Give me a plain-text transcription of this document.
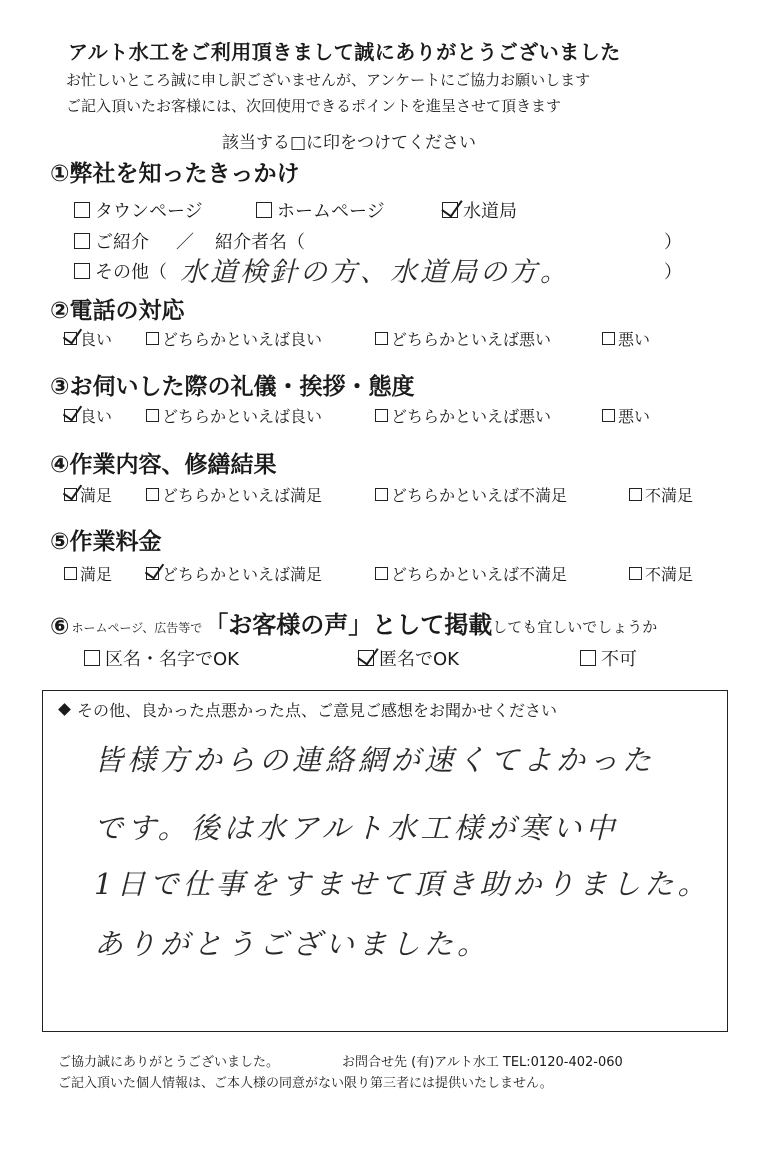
アルト水工をご利用頂きまして誠にありがとうございました
お忙しいところ誠に申し訳ございませんが、アンケートにご協力お願いします
ご記入頂いたお客様には、次回使用できるポイントを進呈させて頂きます
該当する□に印をつけてください
①弊社を知ったきっかけ
タウンページ	ホームページ	水道局
ご紹介 ／ 紹介者名（	）
その他（ 水道検針の方、水道局の方。	）
②電話の対応
良い	どちらかといえば良い	どちらかといえば悪い	悪い
③お伺いした際の礼儀・挨拶・態度
良い	どちらかといえば良い	どちらかといえば悪い	悪い
④作業内容、修繕結果
満足	どちらかといえば満足	どちらかといえば不満足	不満足
⑤作業料金
満足	どちらかといえば満足	どちらかといえば不満足	不満足
⑥ ホームページ、広告等で 「お客様の声」として掲載 しても宜しいでしょうか
区名・名字でOK	匿名でOK	不可
その他、良かった点悪かった点、ご意見ご感想をお聞かせください
皆様方からの連絡網が速くてよかった
です。後は水アルト水工様が寒い中
1日で仕事をすませて頂き助かりました。
ありがとうございました。
ご協力誠にありがとうございました。	お問合せ先 (有)アルト水工 TEL:0120-402-060
ご記入頂いた個人情報は、ご本人様の同意がない限り第三者には提供いたしません。
